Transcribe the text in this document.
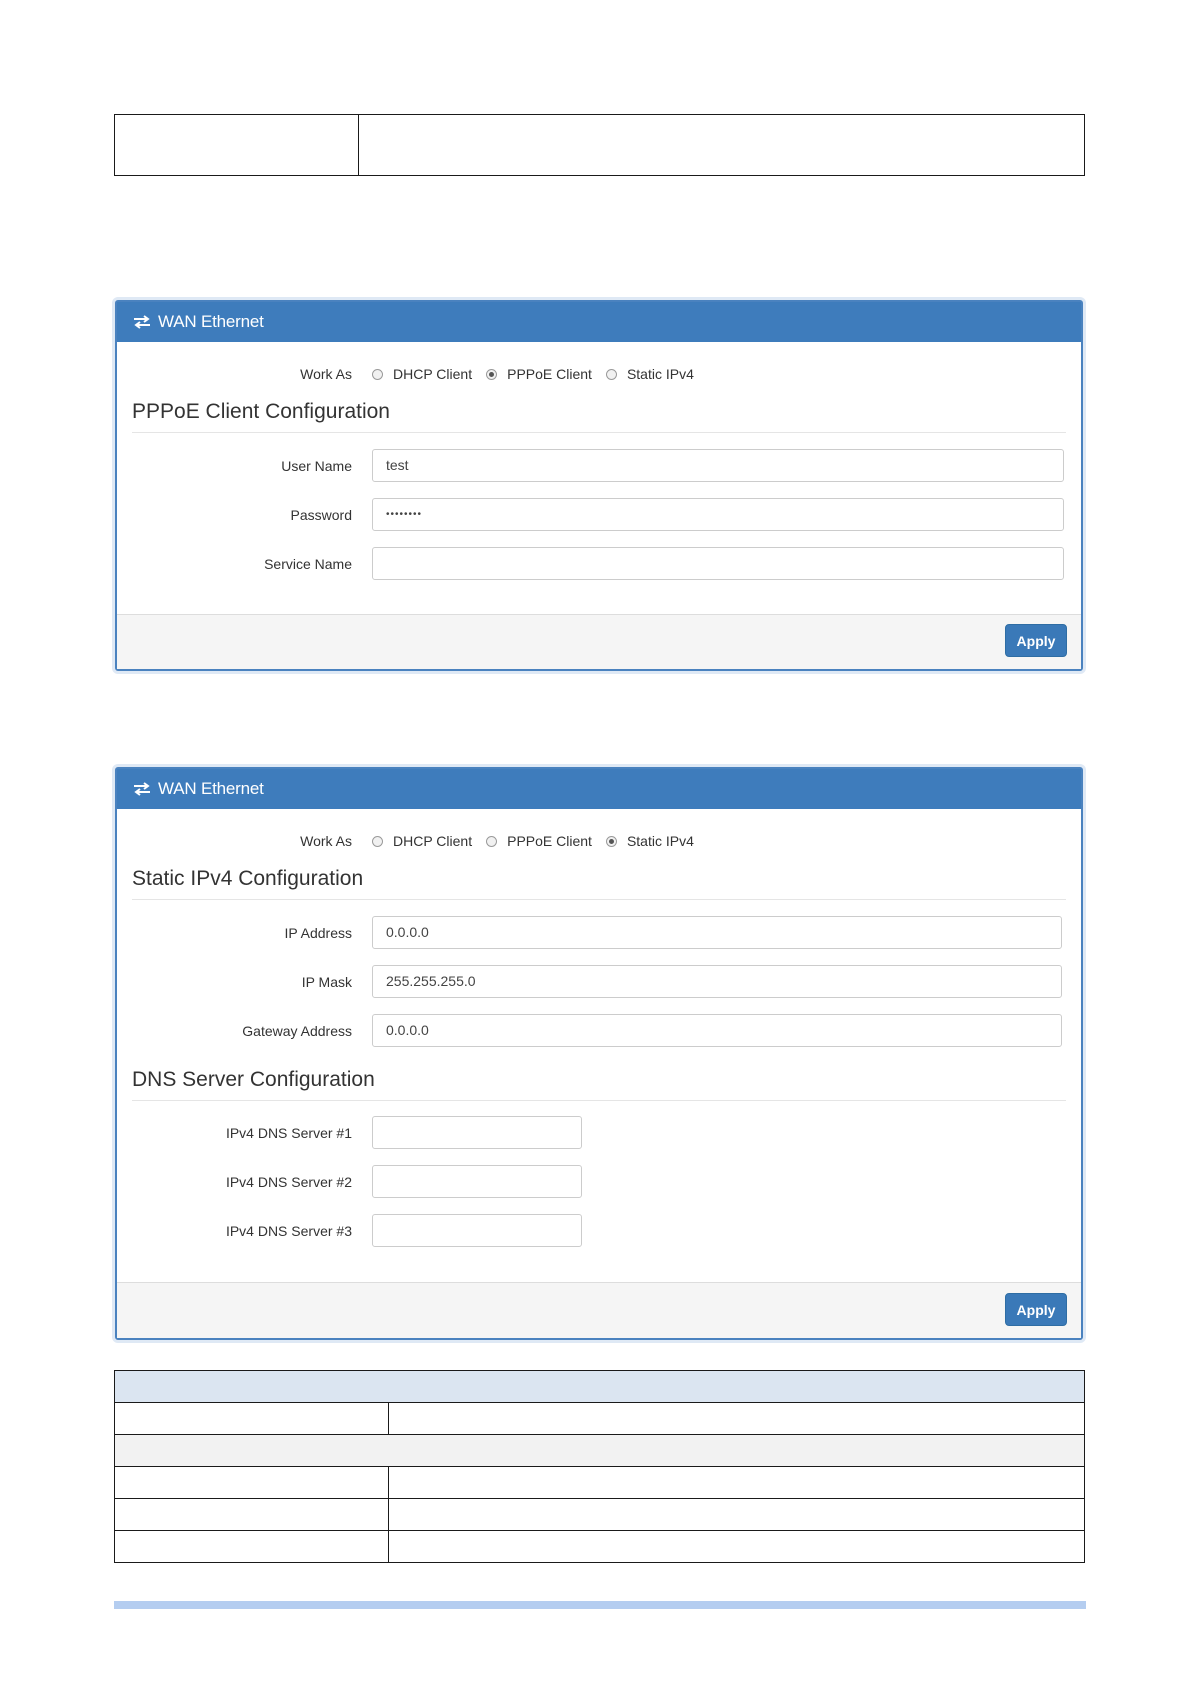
WAN Ethernet
Work As	DHCP Client	PPPoE Client	Static IPv4
PPPoE Client Configuration
User Name	test
Password	••••••••
Service Name
Apply
WAN Ethernet
Work As	DHCP Client	PPPoE Client	Static IPv4
Static IPv4 Configuration
IP Address	0.0.0.0
IP Mask	255.255.255.0
Gateway Address	0.0.0.0
DNS Server Configuration
IPv4 DNS Server #1
IPv4 DNS Server #2
IPv4 DNS Server #3
Apply
